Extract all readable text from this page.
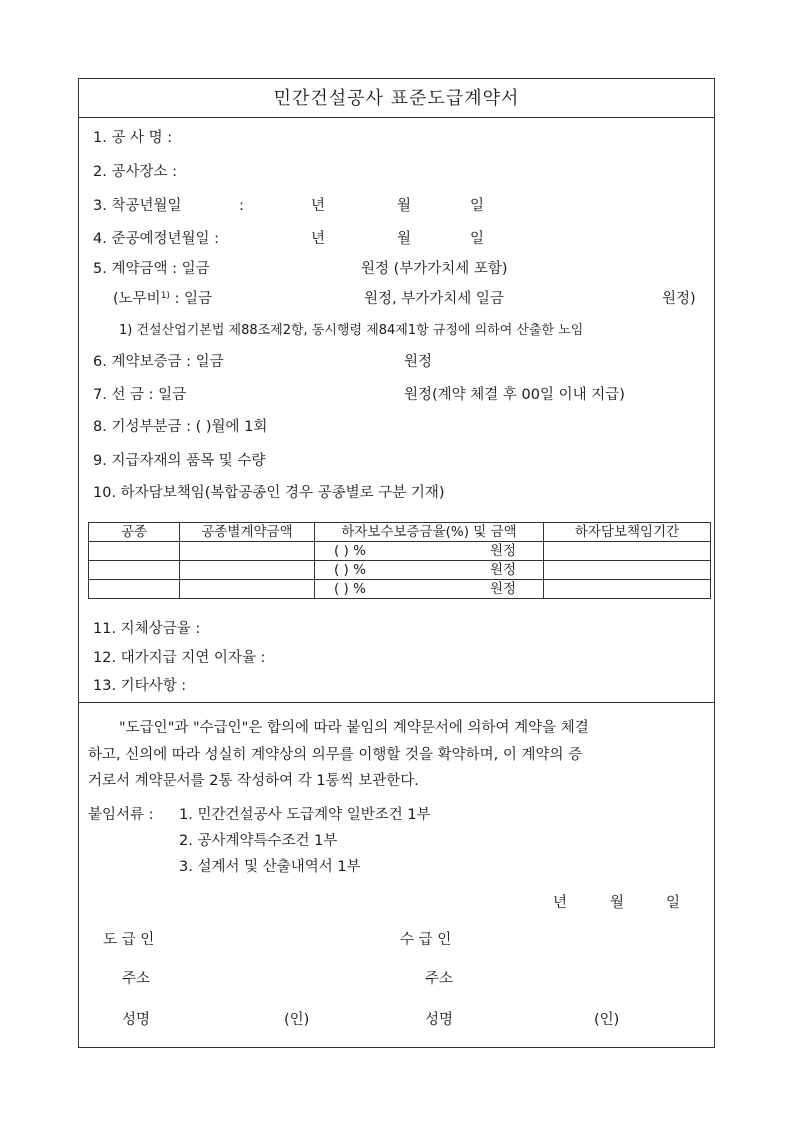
민간건설공사 표준도급계약서
1. 공 사 명 :
2. 공사장소 :
3. 착공년월일	:	년	월	일
4. 준공예정년월일 :	년	월	일
5. 계약금액 : 일금	원정 (부가가치세 포함)
(노무비$^{1)}$ : 일금	원정, 부가가치세 일금	원정)
1) 건설산업기본법 제88조제2항, 동시행령 제84제1항 규정에 의하여 산출한 노임
6. 계약보증금 : 일금	원정
7. 선 금 : 일금	원정(계약 체결 후 00일 이내 지급)
8. 기성부분금 : ( )월에 1회
9. 지급자재의 품목 및 수량
10. 하자담보책임(복합공종인 경우 공종별로 구분 기재)
공종	공종별계약금액	하자보수보증금율(%) 및 금액	하자담보책임기간

		( ) % 원정	

		( ) % 원정	

		( ) % 원정	

11. 지체상금율 :
12. 대가지급 지연 이자율 :
13. 기타사항 :
"도급인"과 "수급인"은 합의에 따라 붙임의 계약문서에 의하여 계약을 체결
하고, 신의에 따라 성실히 계약상의 의무를 이행할 것을 확약하며, 이 계약의 증
거로서 계약문서를 2통 작성하여 각 1통씩 보관한다.
붙임서류 : 1. 민간건설공사 도급계약 일반조건 1부
2. 공사계약특수조건 1부
3. 설계서 및 산출내역서 1부
년	월	일
도 급 인	수 급 인
주소	주소
성명	(인)	성명	(인)
